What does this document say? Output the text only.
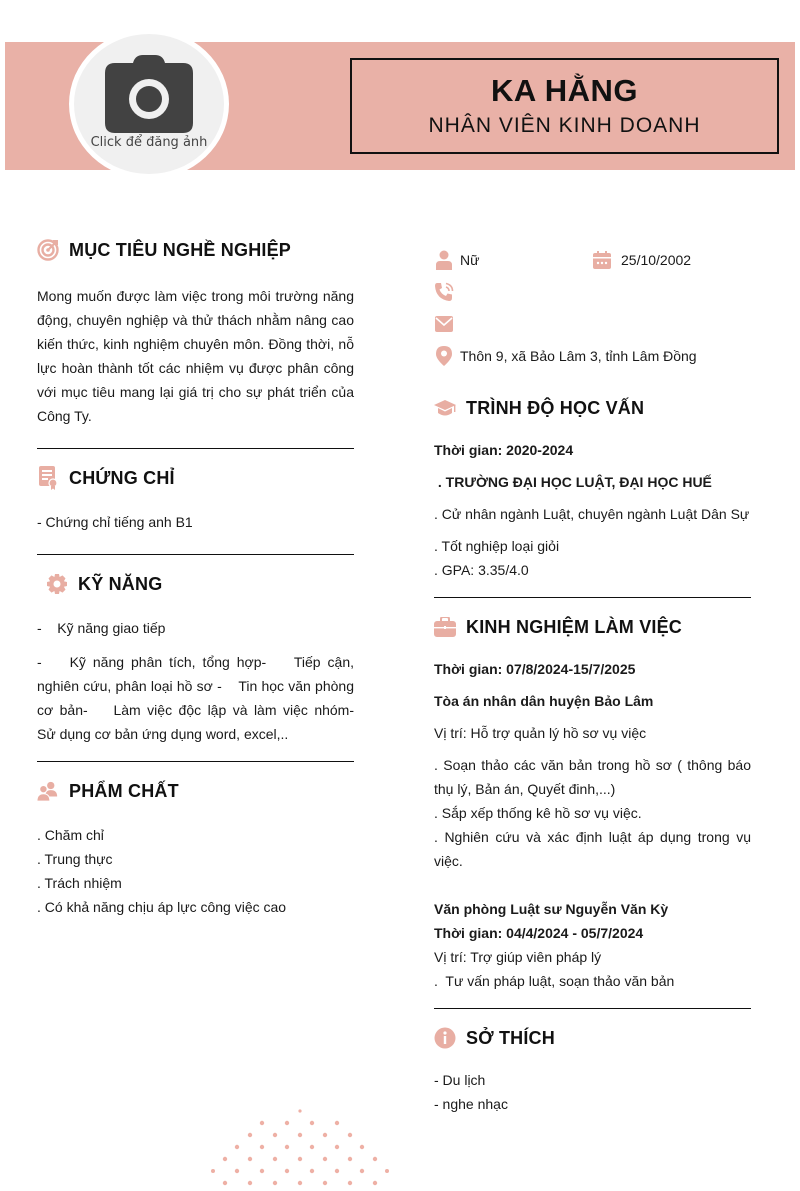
Click để đăng ảnh
KA HẰNG
NHÂN VIÊN KINH DOANH
MỤC TIÊU NGHỀ NGHIỆP
Mong muốn được làm việc trong môi trường năng động, chuyên nghiệp và thử thách nhằm nâng cao kiến thức, kinh nghiệm chuyên môn. Đồng thời, nỗ lực hoàn thành tốt các nhiệm vụ được phân công với mục tiêu mang lại giá trị cho sự phát triển của Công Ty.
CHỨNG CHỈ
- Chứng chỉ tiếng anh B1
KỸ NĂNG
-    Kỹ năng giao tiếp
-    Kỹ năng phân tích, tổng hợp-    Tiếp cận, nghiên cứu, phân loại hồ sơ -    Tin học văn phòng cơ bản-    Làm việc độc lập và làm việc nhóm-    Sử dụng cơ bản ứng dụng word, excel,..
PHẨM CHẤT
. Chăm chỉ
. Trung thực
. Trách nhiệm
. Có khả năng chịu áp lực công việc cao
Nữ	25/10/2002
Thôn 9, xã Bảo Lâm 3, tỉnh Lâm Đồng
TRÌNH ĐỘ HỌC VẤN
Thời gian: 2020-2024
. TRƯỜNG ĐẠI HỌC LUẬT, ĐẠI HỌC HUẾ
. Cử nhân ngành Luật, chuyên ngành Luật Dân Sự
. Tốt nghiệp loại giỏi
. GPA: 3.35/4.0
KINH NGHIỆM LÀM VIỆC
Thời gian: 07/8/2024-15/7/2025
Tòa án nhân dân huyện Bảo Lâm
Vị trí: Hỗ trợ quản lý hồ sơ vụ việc
. Soạn thảo các văn bản trong hồ sơ ( thông báo thụ lý, Bản án, Quyết đinh,...)
. Sắp xếp thống kê hồ sơ vụ việc.
. Nghiên cứu và xác định luật áp dụng trong vụ việc.
Văn phòng Luật sư Nguyễn Văn Kỳ
Thời gian: 04/4/2024 - 05/7/2024
Vị trí: Trợ giúp viên pháp lý
.  Tư vấn pháp luật, soạn thảo văn bản
SỞ THÍCH
- Du lịch
- nghe nhạc
